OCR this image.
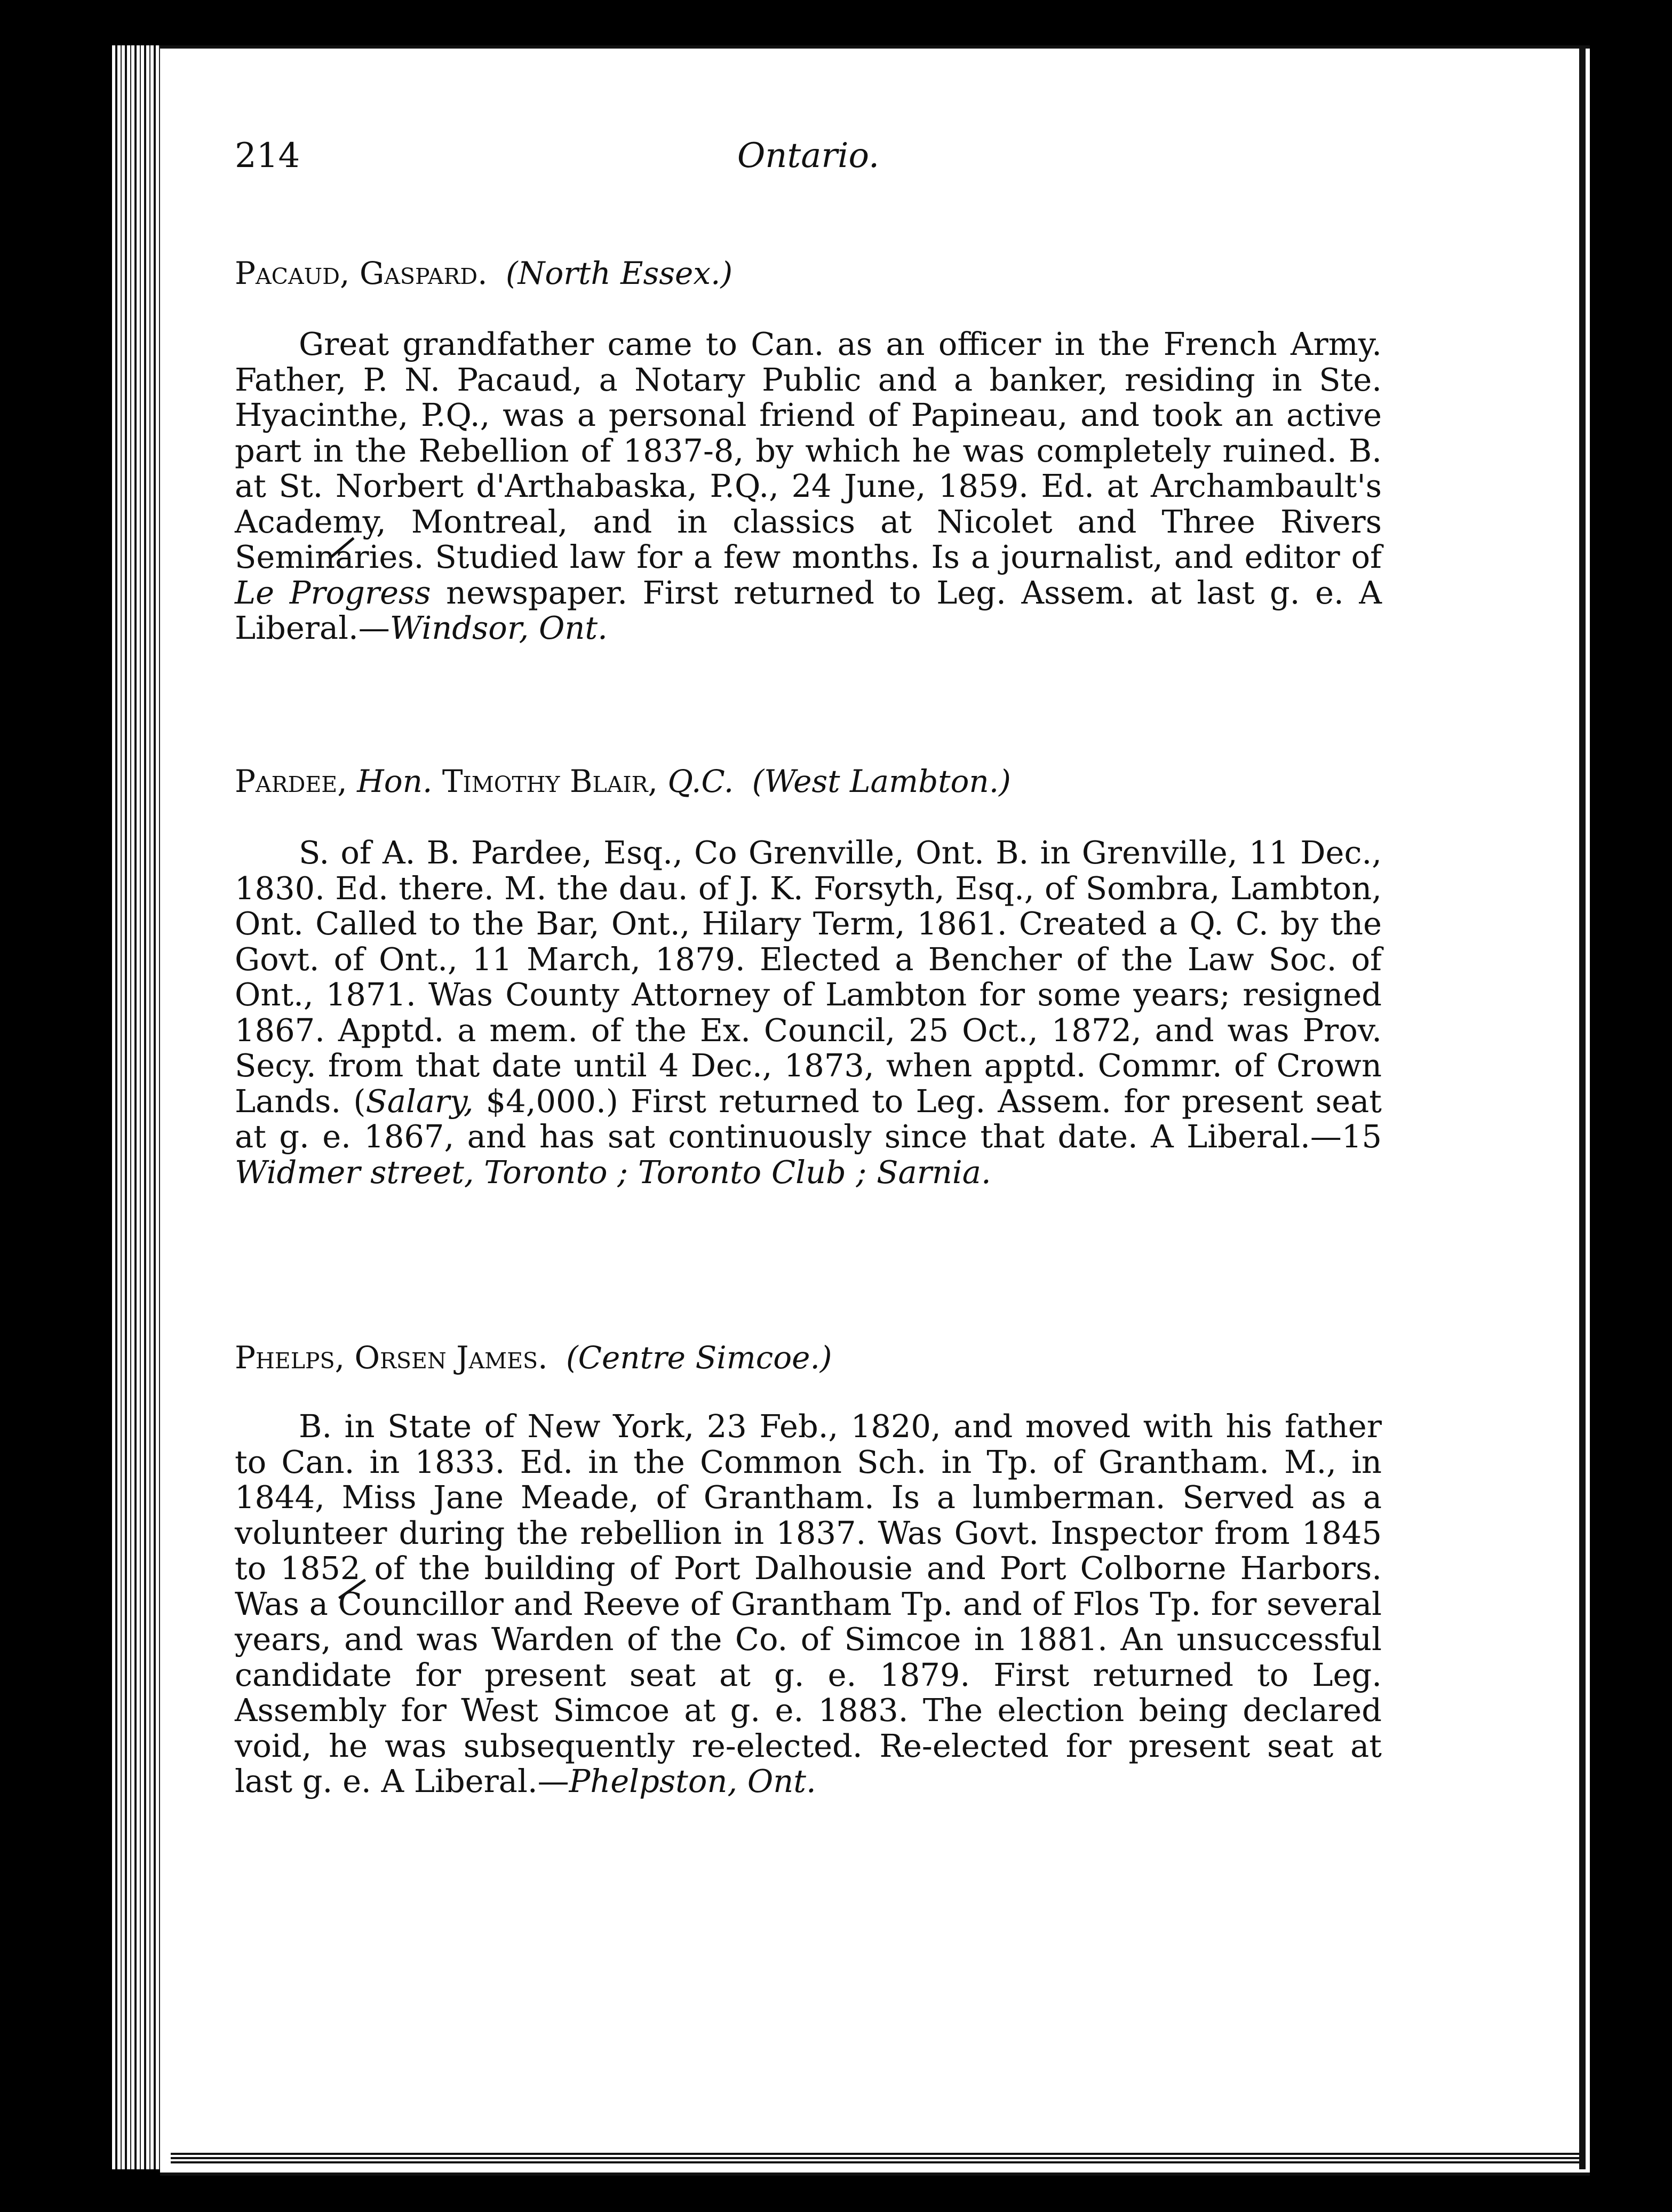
214	Ontario.
Pacaud, Gaspard. (North Essex.)
Great grandfather came to Can. as an officer in the French Army. Father, P. N. Pacaud, a Notary Public and a banker, residing in Ste. Hyacinthe, P.Q., was a personal friend of Papineau, and took an active part in the Rebellion of 1837-8, by which he was completely ruined. B. at St. Norbert d'Arthabaska, P.Q., 24 June, 1859. Ed. at Archambault's Academy, Montreal, and in classics at Nicolet and Three Rivers Seminaries. Studied law for a few months. Is a journalist, and editor of Le Progress newspaper. First returned to Leg. Assem. at last g. e. A Liberal.—Windsor, Ont.
Pardee, Hon. Timothy Blair, Q.C. (West Lambton.)
S. of A. B. Pardee, Esq., Co Grenville, Ont. B. in Grenville, 11 Dec., 1830. Ed. there. M. the dau. of J. K. Forsyth, Esq., of Sombra, Lambton, Ont. Called to the Bar, Ont., Hilary Term, 1861. Created a Q. C. by the Govt. of Ont., 11 March, 1879. Elected a Bencher of the Law Soc. of Ont., 1871. Was County Attorney of Lambton for some years; resigned 1867. Apptd. a mem. of the Ex. Council, 25 Oct., 1872, and was Prov. Secy. from that date until 4 Dec., 1873, when apptd. Commr. of Crown Lands. (Salary, $4,000.) First returned to Leg. Assem. for present seat at g. e. 1867, and has sat continuously since that date. A Liberal.—15 Widmer street, Toronto ; Toronto Club ; Sarnia.
Phelps, Orsen James. (Centre Simcoe.)
B. in State of New York, 23 Feb., 1820, and moved with his father to Can. in 1833. Ed. in the Common Sch. in Tp. of Grantham. M., in 1844, Miss Jane Meade, of Grantham. Is a lumberman. Served as a volunteer during the rebellion in 1837. Was Govt. Inspector from 1845 to 1852 of the building of Port Dalhousie and Port Colborne Harbors. Was a Councillor and Reeve of Grantham Tp. and of Flos Tp. for several years, and was Warden of the Co. of Simcoe in 1881. An unsuccessful candidate for present seat at g. e. 1879. First returned to Leg. Assembly for West Simcoe at g. e. 1883. The election being declared void, he was subsequently re-elected. Re-elected for present seat at last g. e. A Liberal.—Phelpston, Ont.
